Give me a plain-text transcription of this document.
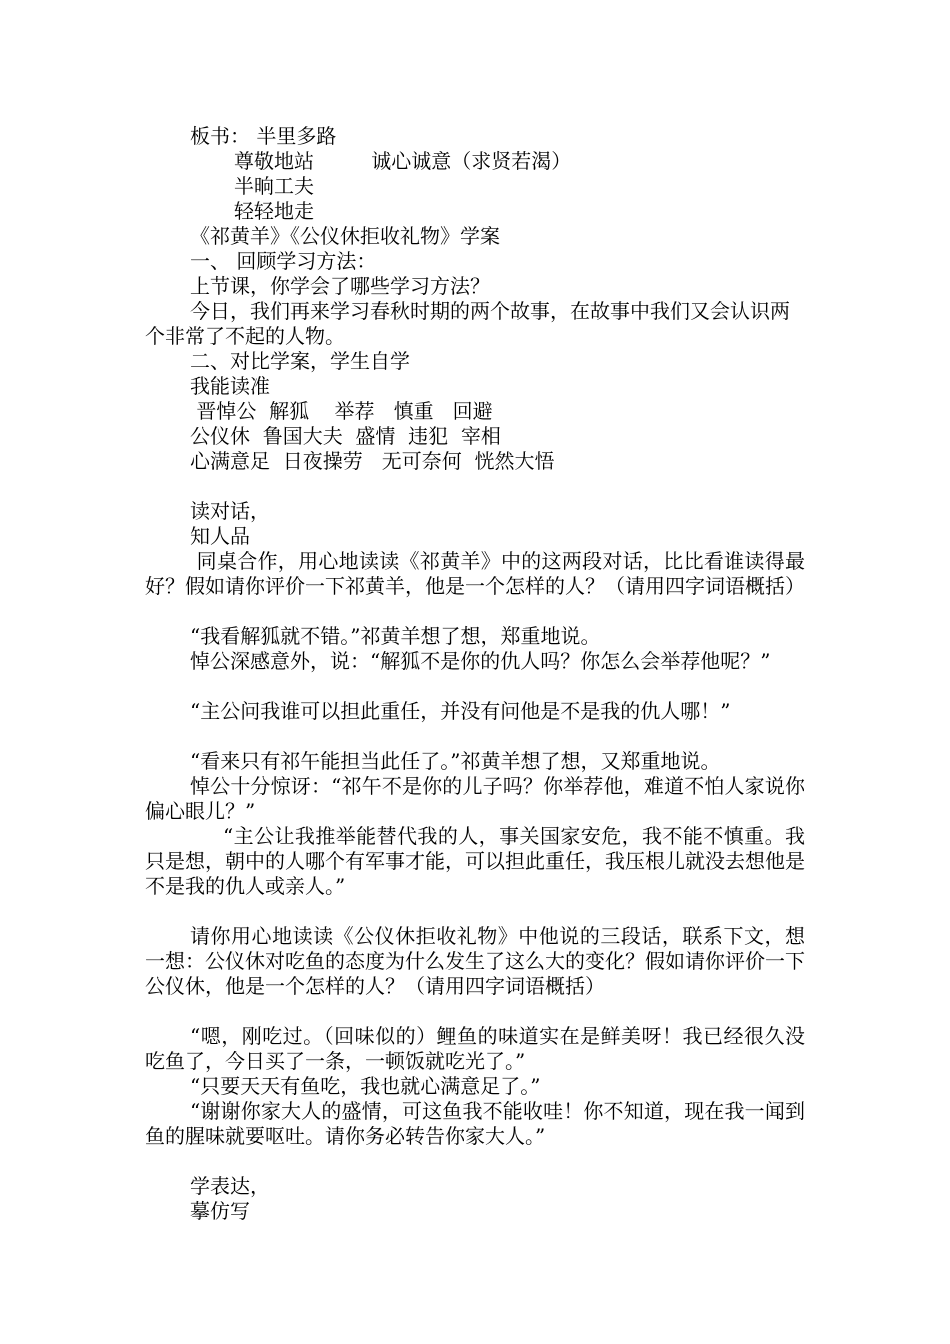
板书： 半里多路

尊敬地站         诚心诚意（求贤若渴）

半晌工夫

轻轻地走

《祁黄羊》《公仪休拒收礼物》学案

一、 回顾学习方法：

上节课，你学会了哪些学习方法？

今日，我们再来学习春秋时期的两个故事，在故事中我们又会认识两个非常了不起的人物。

二、对比学案，学生自学

我能读准

晋悼公  解狐    举荐   慎重   回避

公仪休  鲁国大夫  盛情  违犯  宰相

心满意足  日夜操劳   无可奈何  恍然大悟

读对话，

知人品

同桌合作，用心地读读《祁黄羊》中的这两段对话，比比看谁读得最好？假如请你评价一下祁黄羊，他是一个怎样的人？（请用四字词语概括）

“我看解狐就不错。”祁黄羊想了想，郑重地说。

悼公深感意外，说：“解狐不是你的仇人吗？你怎么会举荐他呢？”

“主公问我谁可以担此重任，并没有问他是不是我的仇人哪！”

“看来只有祁午能担当此任了。”祁黄羊想了想，又郑重地说。

悼公十分惊讶：“祁午不是你的儿子吗？你举荐他，难道不怕人家说你偏心眼儿？”

“主公让我推举能替代我的人，事关国家安危，我不能不慎重。我只是想，朝中的人哪个有军事才能，可以担此重任，我压根儿就没去想他是不是我的仇人或亲人。”

请你用心地读读《公仪休拒收礼物》中他说的三段话，联系下文，想一想：公仪休对吃鱼的态度为什么发生了这么大的变化？假如请你评价一下公仪休，他是一个怎样的人？（请用四字词语概括）

“嗯，刚吃过。（回味似的）鲤鱼的味道实在是鲜美呀！我已经很久没吃鱼了，今日买了一条，一顿饭就吃光了。”

“只要天天有鱼吃，我也就心满意足了。”

“谢谢你家大人的盛情，可这鱼我不能收哇！你不知道，现在我一闻到鱼的腥味就要呕吐。请你务必转告你家大人。”

学表达，

摹仿写
